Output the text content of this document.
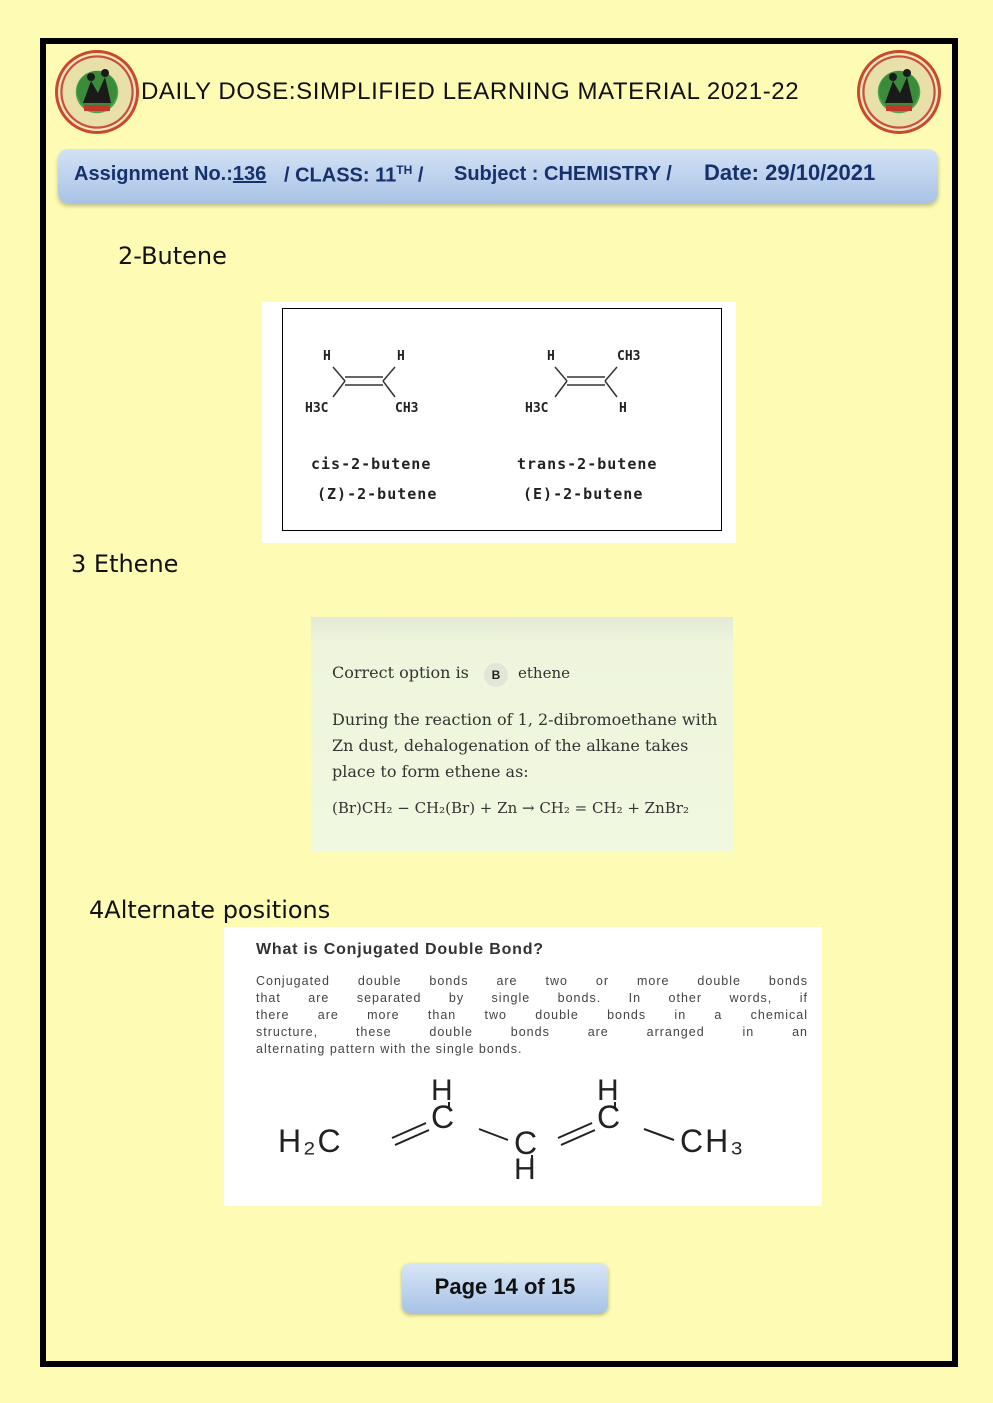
DAILY DOSE:SIMPLIFIED LEARNING MATERIAL 2021-22
Assignment No.:136 / CLASS: 11TH / Subject : CHEMISTRY / Date: 29/10/2021
2-Butene
H	H
H3C	CH3
H	CH3
H3C	H
cis-2-butene
(Z)-2-butene
trans-2-butene
(E)-2-butene
3 Ethene
Correct option is	B	ethene
During the reaction of 1, 2-dibromoethane with
Zn dust, dehalogenation of the alkane takes
place to form ethene as:
(Br)CH₂ − CH₂(Br) + Zn → CH₂ = CH₂ + ZnBr₂
4Alternate positions
What is Conjugated Double Bond?
Conjugated double bonds are two or more double bonds
that are separated by single bonds. In other words, if
there are more than two double bonds in a chemical
structure, these double bonds are arranged in an
alternating pattern with the single bonds.
H₂C
C
H
C
H
C
H
CH₃
Page 14 of 15
